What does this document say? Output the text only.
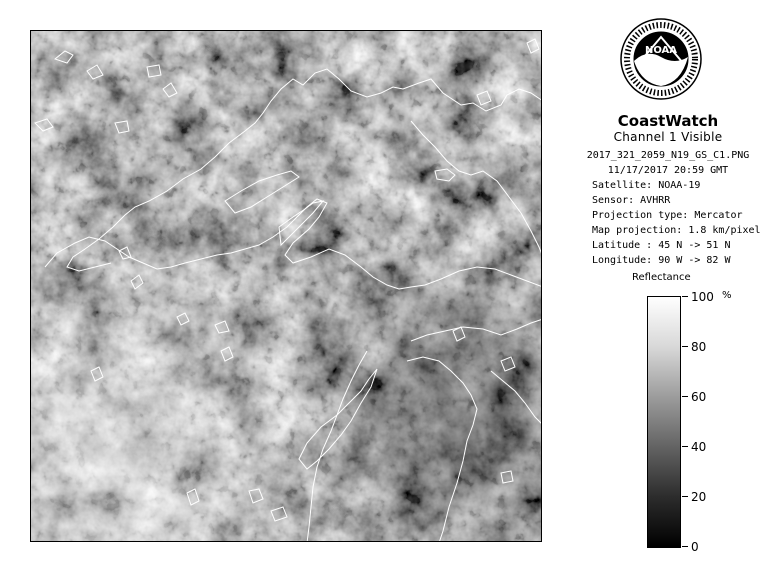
NOAA
CoastWatch
Channel 1 Visible
2017_321_2059_N19_GS_C1.PNG
11/17/2017 20:59 GMT
Satellite: NOAA-19
Sensor: AVHRR
Projection type: Mercator
Map projection: 1.8 km/pixel
Latitude : 45 N -> 51 N
Longitude: 90 W -> 82 W
Reflectance
%
100
80
60
40
20
0
